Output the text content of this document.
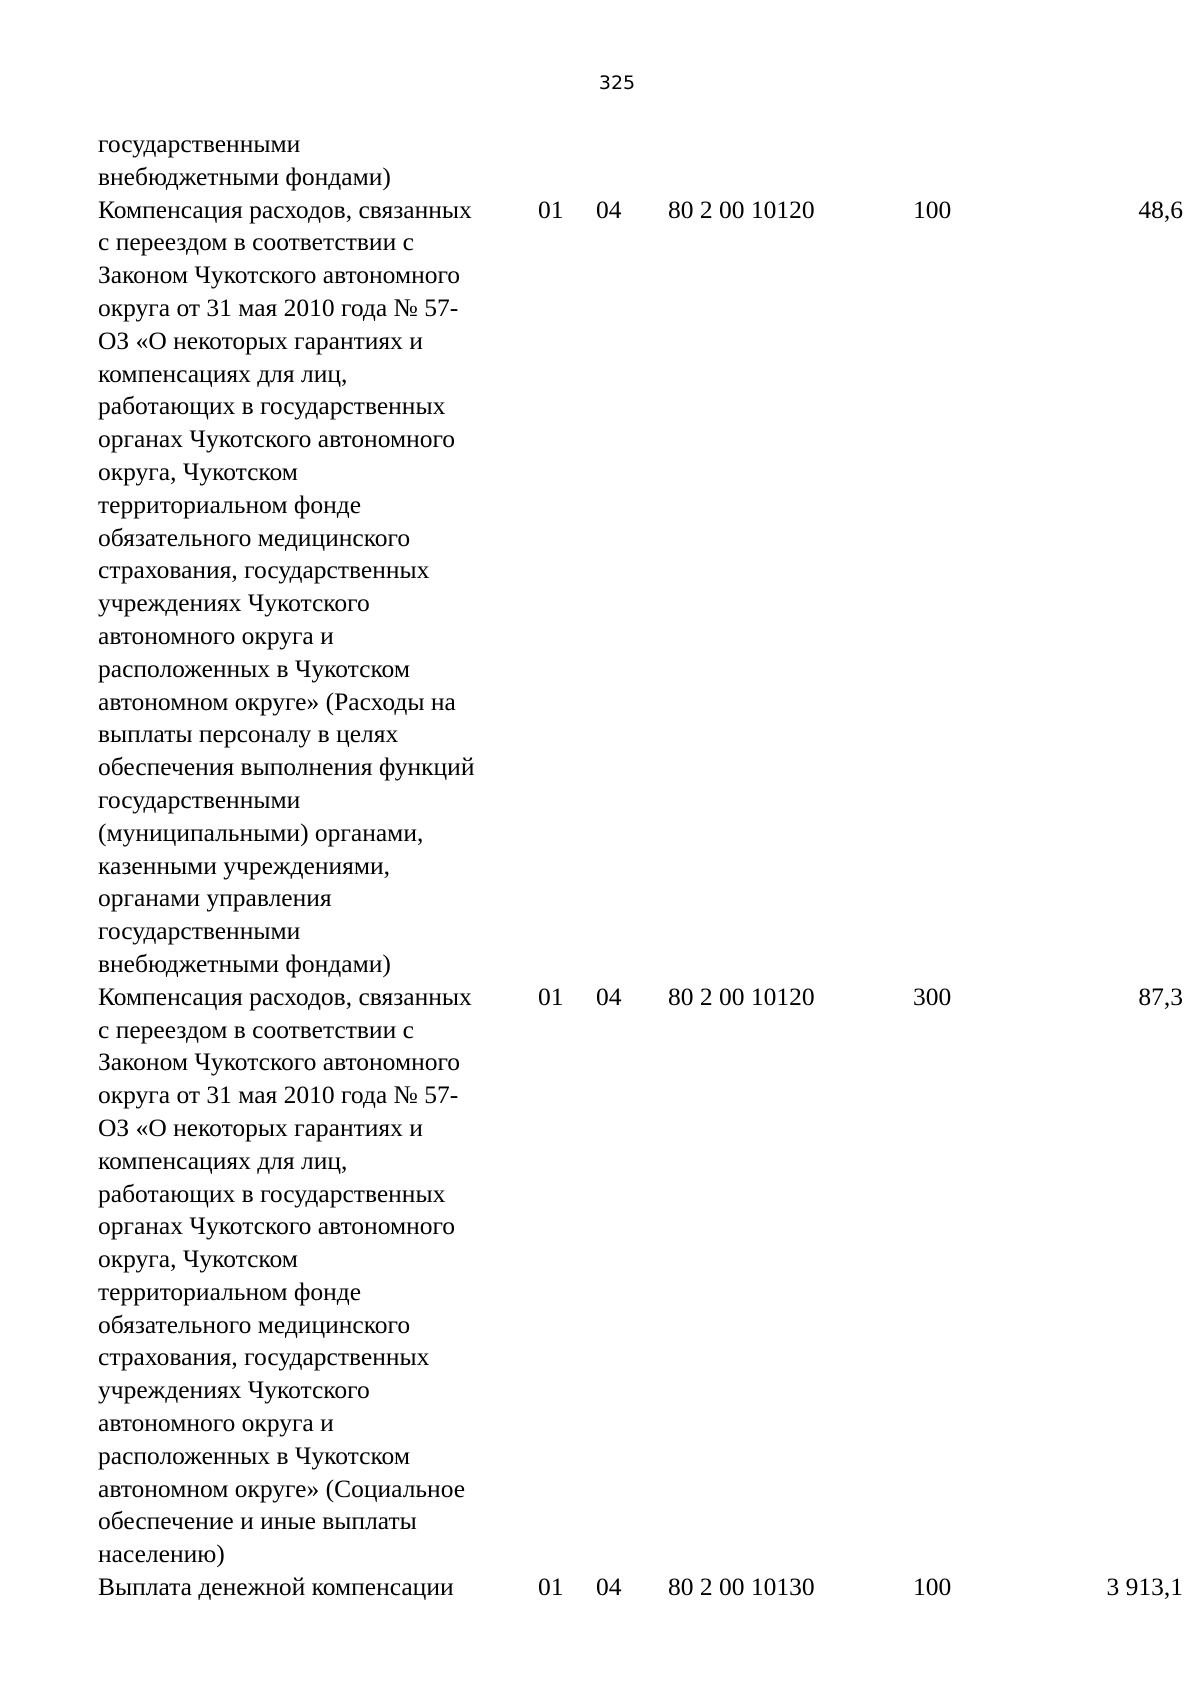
325
государственными
внебюджетными фондами)
Компенсация расходов, связанных
с переездом в соответствии с
Законом Чукотского автономного
округа от 31 мая 2010 года № 57-
ОЗ «О некоторых гарантиях и
компенсациях для лиц,
работающих в государственных
органах Чукотского автономного
округа, Чукотском
территориальном фонде
обязательного медицинского
страхования, государственных
учреждениях Чукотского
автономного округа и
расположенных в Чукотском
автономном округе» (Расходы на
выплаты персоналу в целях
обеспечения выполнения функций
государственными
(муниципальными) органами,
казенными учреждениями,
органами управления
государственными
внебюджетными фондами)
01	04	80 2 00 10120	100	48,6
Компенсация расходов, связанных
с переездом в соответствии с
Законом Чукотского автономного
округа от 31 мая 2010 года № 57-
ОЗ «О некоторых гарантиях и
компенсациях для лиц,
работающих в государственных
органах Чукотского автономного
округа, Чукотском
территориальном фонде
обязательного медицинского
страхования, государственных
учреждениях Чукотского
автономного округа и
расположенных в Чукотском
автономном округе» (Социальное
обеспечение и иные выплаты
населению)
01	04	80 2 00 10120	300	87,3
Выплата денежной компенсации	01	04	80 2 00 10130	100	3 913,1
